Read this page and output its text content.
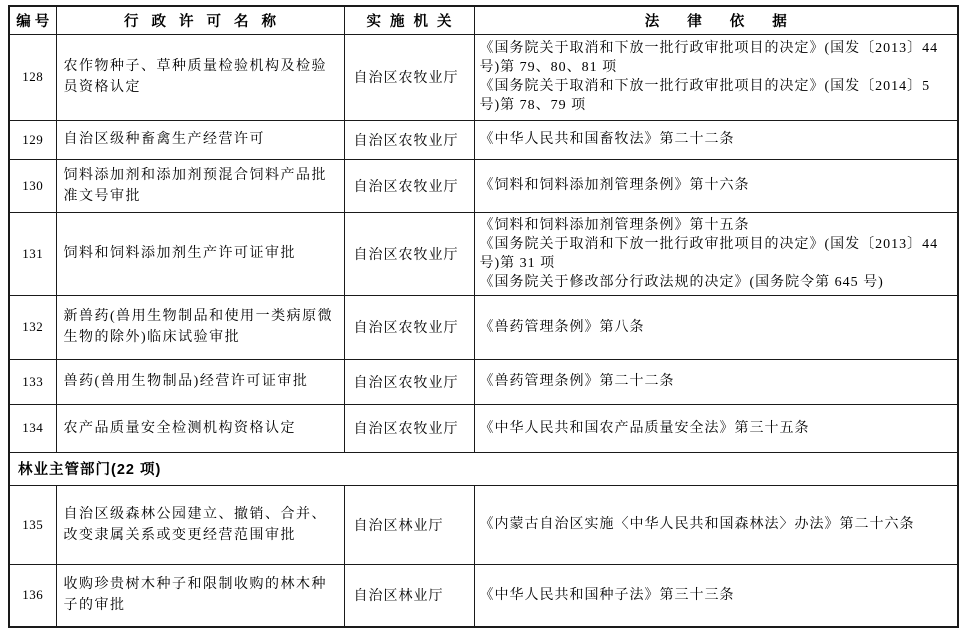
编号	行政许可名称	实施机关	法律依据
128	农作物种子、草种质量检验机构及检验员资格认定	自治区农牧业厅	《国务院关于取消和下放一批行政审批项目的决定》(国发〔2013〕44 号)第 79、80、81 项
《国务院关于取消和下放一批行政审批项目的决定》(国发〔2014〕5 号)第 78、79 项

129	自治区级种畜禽生产经营许可	自治区农牧业厅	《中华人民共和国畜牧法》第二十二条

130	饲料添加剂和添加剂预混合饲料产品批准文号审批	自治区农牧业厅	《饲料和饲料添加剂管理条例》第十六条

131	饲料和饲料添加剂生产许可证审批	自治区农牧业厅	《饲料和饲料添加剂管理条例》第十五条
《国务院关于取消和下放一批行政审批项目的决定》(国发〔2013〕44 号)第 31 项
《国务院关于修改部分行政法规的决定》(国务院令第 645 号)

132	新兽药(兽用生物制品和使用一类病原微生物的除外)临床试验审批	自治区农牧业厅	《兽药管理条例》第八条

133	兽药(兽用生物制品)经营许可证审批	自治区农牧业厅	《兽药管理条例》第二十二条

134	农产品质量安全检测机构资格认定	自治区农牧业厅	《中华人民共和国农产品质量安全法》第三十五条

林业主管部门(22 项)			
135	自治区级森林公园建立、撤销、合并、改变隶属关系或变更经营范围审批	自治区林业厅	《内蒙古自治区实施〈中华人民共和国森林法〉办法》第二十六条

136	收购珍贵树木种子和限制收购的林木种子的审批	自治区林业厅	《中华人民共和国种子法》第三十三条
